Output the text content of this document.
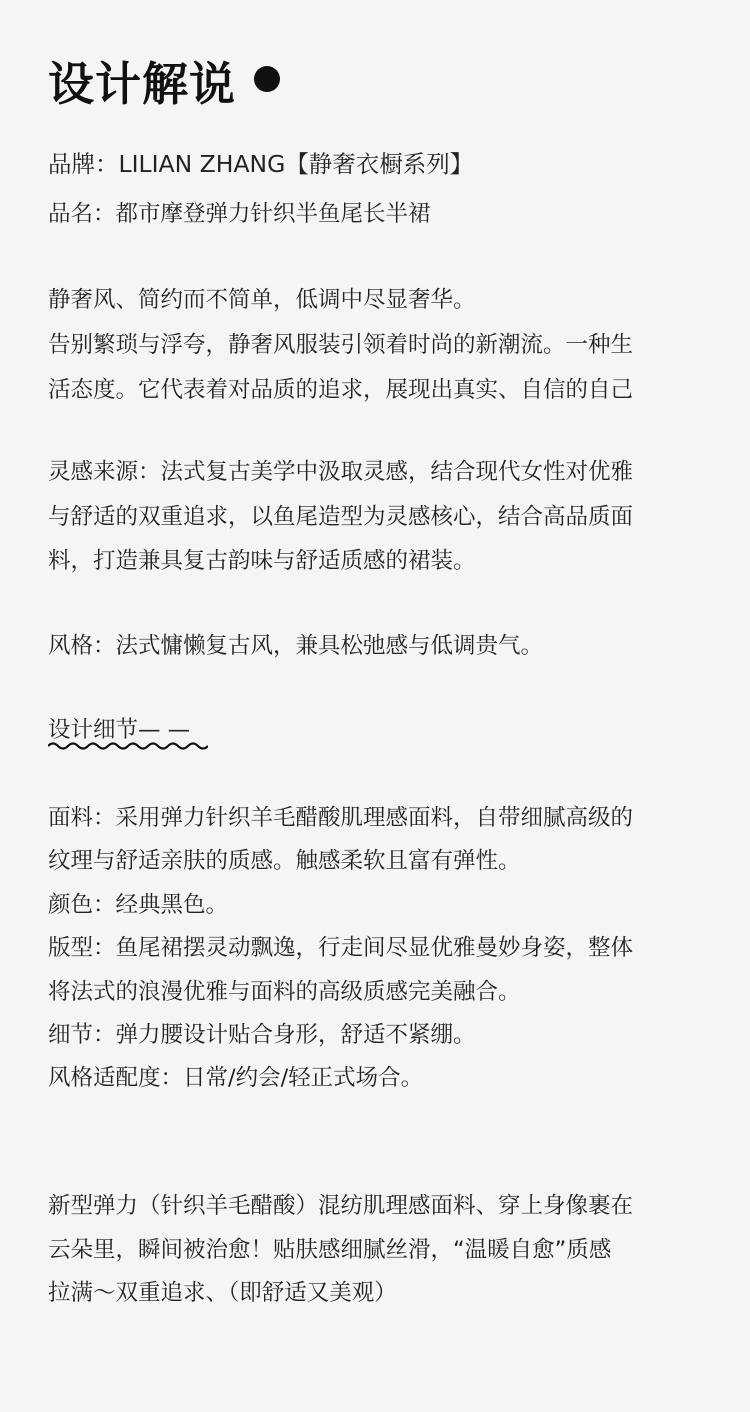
设计解说
品牌：LILIAN ZHANG【静奢衣橱系列】
品名：都市摩登弹力针织半鱼尾长半裙
静奢风、简约而不简单，低调中尽显奢华。
告别繁琐与浮夸，静奢风服装引领着时尚的新潮流。一种生
活态度。它代表着对品质的追求，展现出真实、自信的自己
灵感来源：法式复古美学中汲取灵感，结合现代女性对优雅
与舒适的双重追求，以鱼尾造型为灵感核心，结合高品质面
料，打造兼具复古韵味与舒适质感的裙装。
风格：法式慵懒复古风，兼具松弛感与低调贵气。
设计细节— —
面料：采用弹力针织羊毛醋酸肌理感面料，自带细腻高级的
纹理与舒适亲肤的质感。触感柔软且富有弹性。
颜色：经典黑色。
版型：鱼尾裙摆灵动飘逸，行走间尽显优雅曼妙身姿，整体
将法式的浪漫优雅与面料的高级质感完美融合。
细节：弹力腰设计贴合身形，舒适不紧绷。
风格适配度：日常/约会/轻正式场合。
新型弹力（针织羊毛醋酸）混纺肌理感面料、穿上身像裹在
云朵里，瞬间被治愈！贴肤感细腻丝滑，“温暖自愈”质感
拉满～双重追求、（即舒适又美观）
